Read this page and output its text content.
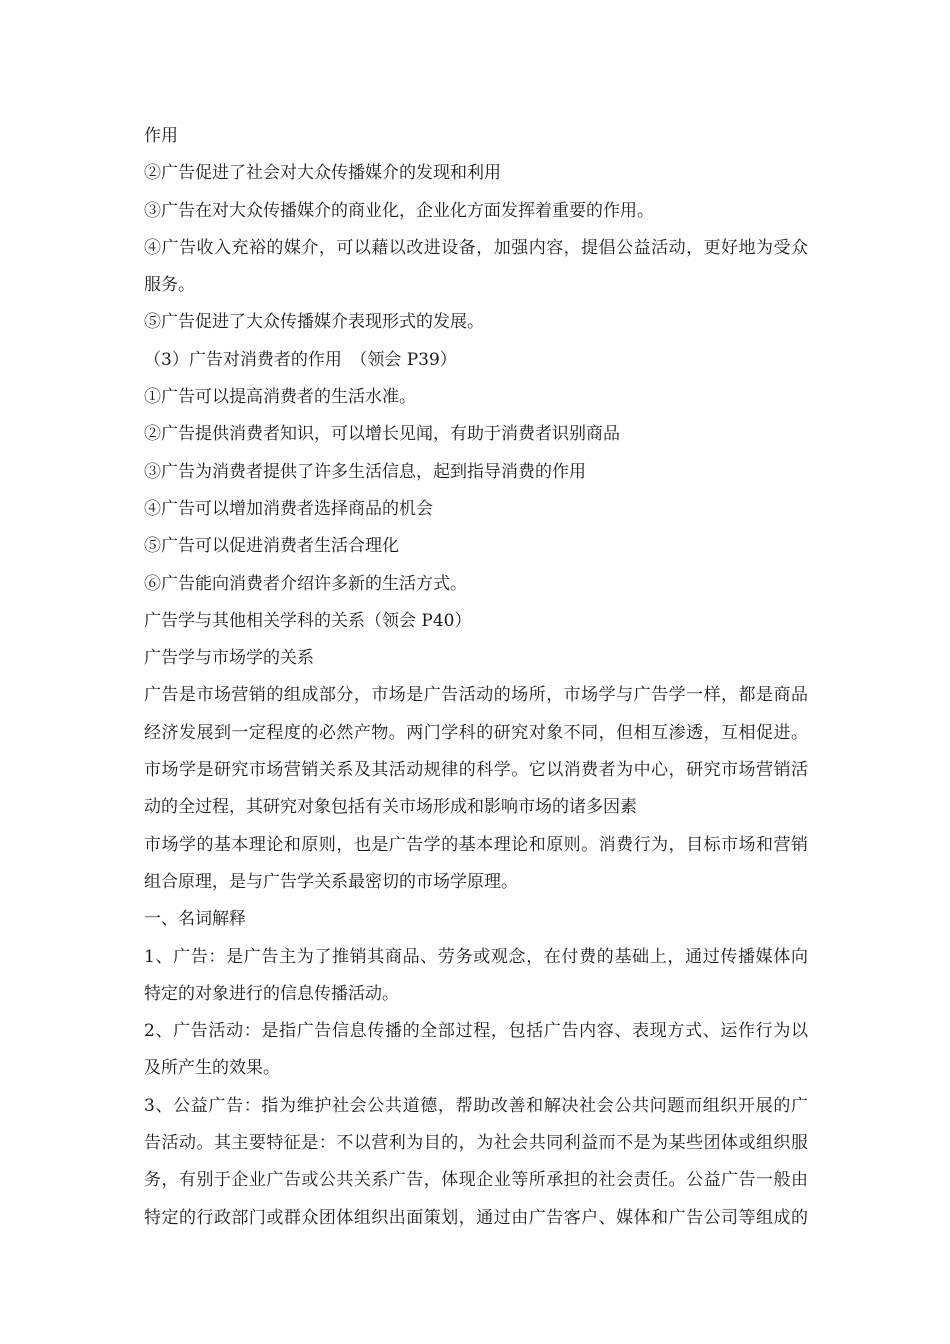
作用
②广告促进了社会对大众传播媒介的发现和利用
③广告在对大众传播媒介的商业化，企业化方面发挥着重要的作用。
④广告收入充裕的媒介，可以藉以改进设备，加强内容，提倡公益活动，更好地为受众
服务。
⑤广告促进了大众传播媒介表现形式的发展。
（3）广告对消费者的作用　（领会 P39）
①广告可以提高消费者的生活水准。
②广告提供消费者知识，可以增长见闻，有助于消费者识别商品
③广告为消费者提供了许多生活信息，起到指导消费的作用
④广告可以增加消费者选择商品的机会
⑤广告可以促进消费者生活合理化
⑥广告能向消费者介绍许多新的生活方式。
广告学与其他相关学科的关系（领会 P40）
广告学与市场学的关系
广告是市场营销的组成部分，市场是广告活动的场所，市场学与广告学一样，都是商品
经济发展到一定程度的必然产物。两门学科的研究对象不同，但相互渗透，互相促进。
市场学是研究市场营销关系及其活动规律的科学。它以消费者为中心，研究市场营销活
动的全过程，其研究对象包括有关市场形成和影响市场的诸多因素
市场学的基本理论和原则，也是广告学的基本理论和原则。消费行为，目标市场和营销
组合原理，是与广告学关系最密切的市场学原理。
一、名词解释
1、广告：是广告主为了推销其商品、劳务或观念，在付费的基础上，通过传播媒体向
特定的对象进行的信息传播活动。
2、广告活动：是指广告信息传播的全部过程，包括广告内容、表现方式、运作行为以
及所产生的效果。
3、公益广告：指为维护社会公共道德，帮助改善和解决社会公共问题而组织开展的广
告活动。其主要特征是：不以营利为目的，为社会共同利益而不是为某些团体或组织服
务，有别于企业广告或公共关系广告，体现企业等所承担的社会责任。公益广告一般由
特定的行政部门或群众团体组织出面策划，通过由广告客户、媒体和广告公司等组成的
